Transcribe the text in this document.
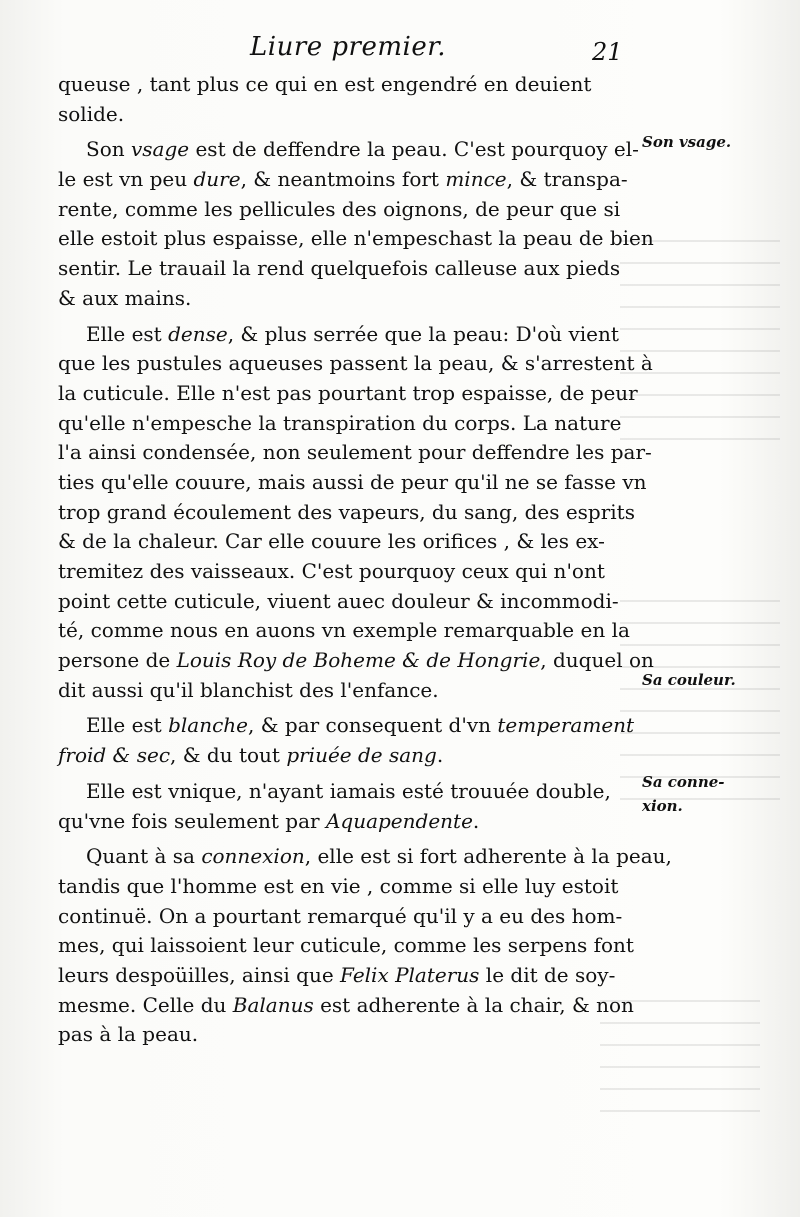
Liure premier.	21
queuse , tant plus ce qui en est engendré en deuient
solide.
Son vsage est de deffendre la peau. C'est pourquoy el-
le est vn peu dure, & neantmoins fort mince, & transpa-
rente, comme les pellicules des oignons, de peur que si
elle estoit plus espaisse, elle n'empeschast la peau de bien
sentir. Le trauail la rend quelquefois calleuse aux pieds
& aux mains.
Elle est dense, & plus serrée que la peau: D'où vient
que les pustules aqueuses passent la peau, & s'arrestent à
la cuticule. Elle n'est pas pourtant trop espaisse, de peur
qu'elle n'empesche la transpiration du corps. La nature
l'a ainsi condensée, non seulement pour deffendre les par-
ties qu'elle couure, mais aussi de peur qu'il ne se fasse vn
trop grand écoulement des vapeurs, du sang, des esprits
& de la chaleur. Car elle couure les orifices , & les ex-
tremitez des vaisseaux. C'est pourquoy ceux qui n'ont
point cette cuticule, viuent auec douleur & incommodi-
té, comme nous en auons vn exemple remarquable en la
persone de Louis Roy de Boheme & de Hongrie, duquel on
dit aussi qu'il blanchist des l'enfance.
Elle est blanche, & par consequent d'vn temperament
froid & sec, & du tout priuée de sang.
Elle est vnique, n'ayant iamais esté trouuée double,
qu'vne fois seulement par Aquapendente.
Quant à sa connexion, elle est si fort adherente à la peau,
tandis que l'homme est en vie , comme si elle luy estoit
continuë. On a pourtant remarqué qu'il y a eu des hom-
mes, qui laissoient leur cuticule, comme les serpens font
leurs despoüilles, ainsi que Felix Platerus le dit de soy-
mesme. Celle du Balanus est adherente à la chair, & non
pas à la peau.
Son vsage.
Sa couleur.
Sa conne-
xion.
